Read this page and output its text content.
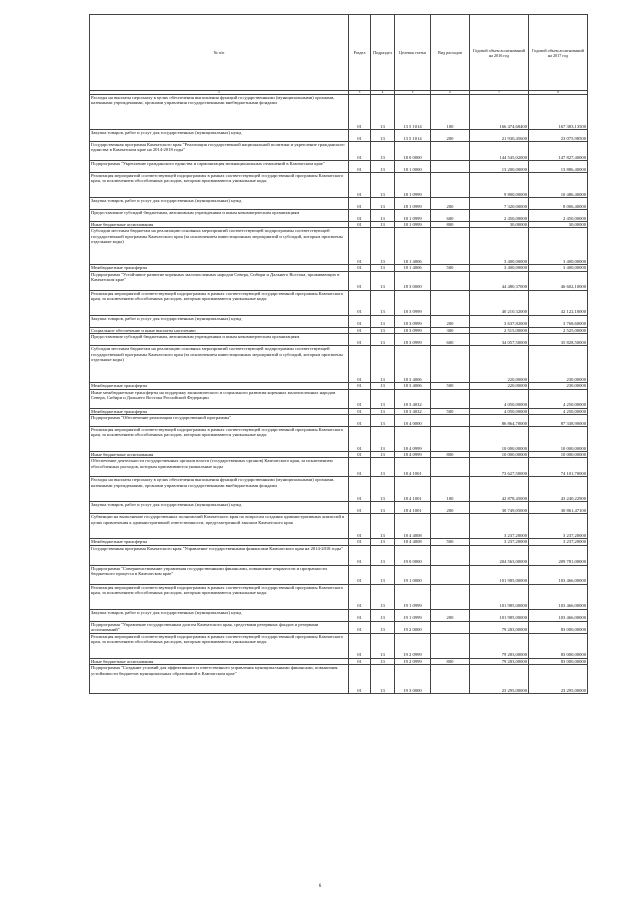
№ п/п	Раздел	Подраздел	Целевая статья	Вид расходов	Годовой объем ассигнований на 2016 год	Годовой объем ассигнований на 2017 год
2	3	4	5	6	7	8
Расходы на выплаты персоналу в целях обеспечения выполнения функций государственными (муниципальными) органами, казенными учреждениями, органами управления государственными внебюджетными фондами	01	13	13 5 1014	100	166 474,68400	167 383,13500
Закупка товаров, работ и услуг для государственных (муниципальных) нужд	01	13	13 5 1014	200	21 930,45600	23 075,98500
Государственная программа Камчатского края "Реализация государственной национальной политики и укрепление гражданского единства в Камчатском крае на 2014-2018 годы"	01	13	18 0 0000		144 545,02000	147 827,40000
Подпрограмма "Укрепление гражданского единства и гармонизация межнациональных отношений в Камчатском крае"	01	13	18 1 0000		13 200,00000	13 886,40000
Реализация мероприятий соответствующей подпрограммы в рамках соответствующей государственной программы Камчатского края, за исключением обособленных расходов, которым присваиваются уникальные коды	01	13	18 1 0999		9 800,00000	10 486,40000
Закупка товаров, работ и услуг для государственных (муниципальных) нужд	01	13	18 1 0999	200	7 320,00000	8 006,40000
Предоставление субсидий бюджетным, автономным учреждениям и иным некоммерческим организациям	01	13	18 1 0999	600	2 450,00000	2 450,00000
Иные бюджетные ассигнования	01	13	18 1 0999	800	30,00000	30,00000
Субсидии местным бюджетам на реализацию основных мероприятий соответствующей подпрограммы соответствующей государственной программы Камчатского края (за исключением инвестиционных мероприятий и субсидий, которым присвоены отдельные коды)	01	13	18 1 4006		3 400,00000	3 400,00000
Межбюджетные трансферты	01	13	18 1 4006	500	3 400,00000	3 400,00000
Подпрограмма "Устойчивое развитие коренных малочисленных народов Севера, Сибири и Дальнего Востока, проживающих в Камчатском крае"	01	13	18 3 0000		44 480,37000	46 602,10000
Реализация мероприятий соответствующей подпрограммы в рамках соответствующей государственной программы Камчатского края, за исключением обособленных расходов, которым присваиваются уникальные коды	01	13	18 3 0999		40 210,32000	42 122,10000
Закупка товаров, работ и услуг для государственных (муниципальных) нужд	01	13	18 3 0999	200	3 637,82000	3 768,60000
Социальное обеспечение и иные выплаты населению	01	13	18 3 0999	300	2 515,00000	2 525,00000
Предоставление субсидий бюджетным, автономным учреждениям и иным некоммерческим организациям	01	13	18 3 0999	600	34 057,50000	35 828,50000
Субсидии местным бюджетам на реализацию основных мероприятий соответствующей подпрограммы соответствующей государственной программы Камчатского края (за исключением инвестиционных мероприятий и субсидий, которым присвоены отдельные коды)	01	13	18 3 4006		220,00000	230,00000
Межбюджетные трансферты	01	13	18 3 4006	500	220,00000	230,00000
Иные межбюджетные трансферты на поддержку экономического и социального развития коренных малочисленных народов Севера, Сибири и Дальнего Востока Российской Федерации	01	13	18 3 4032		4 050,00000	4 250,00000
Межбюджетные трансферты	01	13	18 3 4032	500	4 050,00000	4 250,00000
Подпрограмма "Обеспечение реализации государственной программы"	01	13	18 4 0000		86 864,70000	87 338,90000
Реализация мероприятий соответствующей подпрограммы в рамках соответствующей государственной программы Камчатского края, за исключением обособленных расходов, которым присваиваются уникальные коды	01	13	18 4 0999		10 000,00000	10 000,00000
Иные бюджетные ассигнования	01	13	18 4 0999	800	10 000,00000	10 000,00000
Обеспечение деятельности государственных органов власти (государственных органов) Камчатского края, за исключением обособленных расходов, которым присваиваются уникальные коды	01	13	18 4 1001		73 627,50000	74 101,70000
Расходы на выплаты персоналу в целях обеспечения выполнения функций государственными (муниципальными) органами, казенными учреждениями, органами управления государственными внебюджетными фондами	01	13	18 4 1001	100	42 878,45000	43 240,22900
Закупка товаров, работ и услуг для государственных (муниципальных) нужд	01	13	18 4 1001	200	30 749,05000	30 861,47100
Субвенции на выполнение государственных полномочий Камчатского края по вопросам создания административных комиссий в целях привлечения к административной ответственности, предусмотренной законом Камчатского края	01	13	18 4 4008		3 237,20000	3 237,20000
Межбюджетные трансферты	01	13	18 4 4008	500	3 237,20000	3 237,20000
Государственная программа Камчатского края "Управление государственными финансами Камчатского края на 2014-2018 годы"	01	13	19 0 0000		204 563,00000	209 781,00000
Подпрограмма "Совершенствование управления государственными финансами, повышение открытости и прозрачности бюджетного процесса в Камчатском крае"	01	13	19 1 0000		101 985,00000	103 466,00000
Реализация мероприятий соответствующей подпрограммы в рамках соответствующей государственной программы Камчатского края, за исключением обособленных расходов, которым присваиваются уникальные коды	01	13	19 1 0999		101 985,00000	103 466,00000
Закупка товаров, работ и услуг для государственных (муниципальных) нужд	01	13	19 1 0999	200	101 985,00000	103 466,00000
Подпрограмма "Управление государственным долгом Камчатского края, средствами резервных фондов и резервами ассигнований"	01	13	19 2 0000		79 283,00000	83 000,00000
Реализация мероприятий соответствующей подпрограммы в рамках соответствующей государственной программы Камчатского края, за исключением обособленных расходов, которым присваиваются уникальные коды	01	13	19 2 0999		79 283,00000	83 000,00000
Иные бюджетные ассигнования	01	13	19 2 0999	800	79 283,00000	83 000,00000
Подпрограмма "Создание условий для эффективного и ответственного управления муниципальными финансами, повышения устойчивости бюджетов муниципальных образований в Камчатском крае"	01	13	19 3 0000		23 295,00000	23 295,00000
6
